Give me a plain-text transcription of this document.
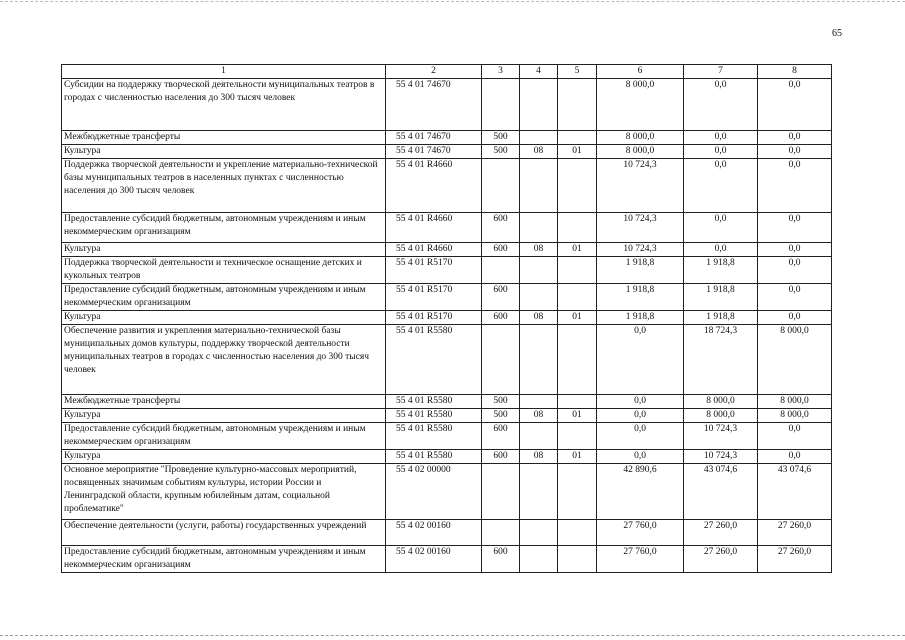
65
1	2	3	4	5	6	7	8
Субсидии на поддержку творческой деятельности муниципальных театров в городах с численностью населения до 300 тысяч человек	55 4 01 74670				8 000,0	0,0	0,0
Межбюджетные трансферты	55 4 01 74670	500			8 000,0	0,0	0,0
Культура	55 4 01 74670	500	08	01	8 000,0	0,0	0,0
Поддержка творческой деятельности и укрепление материально-технической базы муниципальных театров в населенных пунктах с численностью населения до 300 тысяч человек	55 4 01 R4660				10 724,3	0,0	0,0
Предоставление субсидий бюджетным, автономным учреждениям и иным некоммерческим организациям	55 4 01 R4660	600			10 724,3	0,0	0,0
Культура	55 4 01 R4660	600	08	01	10 724,3	0,0	0,0
Поддержка творческой деятельности и техническое оснащение детских и кукольных театров	55 4 01 R5170				1 918,8	1 918,8	0,0
Предоставление субсидий бюджетным, автономным учреждениям и иным некоммерческим организациям	55 4 01 R5170	600			1 918,8	1 918,8	0,0
Культура	55 4 01 R5170	600	08	01	1 918,8	1 918,8	0,0
Обеспечение развития и укрепления материально-технической базы муниципальных домов культуры, поддержку творческой деятельности муниципальных театров в городах с численностью населения до 300 тысяч человек	55 4 01 R5580				0,0	18 724,3	8 000,0
Межбюджетные трансферты	55 4 01 R5580	500			0,0	8 000,0	8 000,0
Культура	55 4 01 R5580	500	08	01	0,0	8 000,0	8 000,0
Предоставление субсидий бюджетным, автономным учреждениям и иным некоммерческим организациям	55 4 01 R5580	600			0,0	10 724,3	0,0
Культура	55 4 01 R5580	600	08	01	0,0	10 724,3	0,0
Основное мероприятие "Проведение культурно-массовых мероприятий, посвященных значимым событиям культуры, истории России и Ленинградской области, крупным юбилейным датам, социальной проблематике"	55 4 02 00000				42 890,6	43 074,6	43 074,6
Обеспечение деятельности (услуги, работы) государственных учреждений	55 4 02 00160				27 760,0	27 260,0	27 260,0
Предоставление субсидий бюджетным, автономным учреждениям и иным некоммерческим организациям	55 4 02 00160	600			27 760,0	27 260,0	27 260,0
